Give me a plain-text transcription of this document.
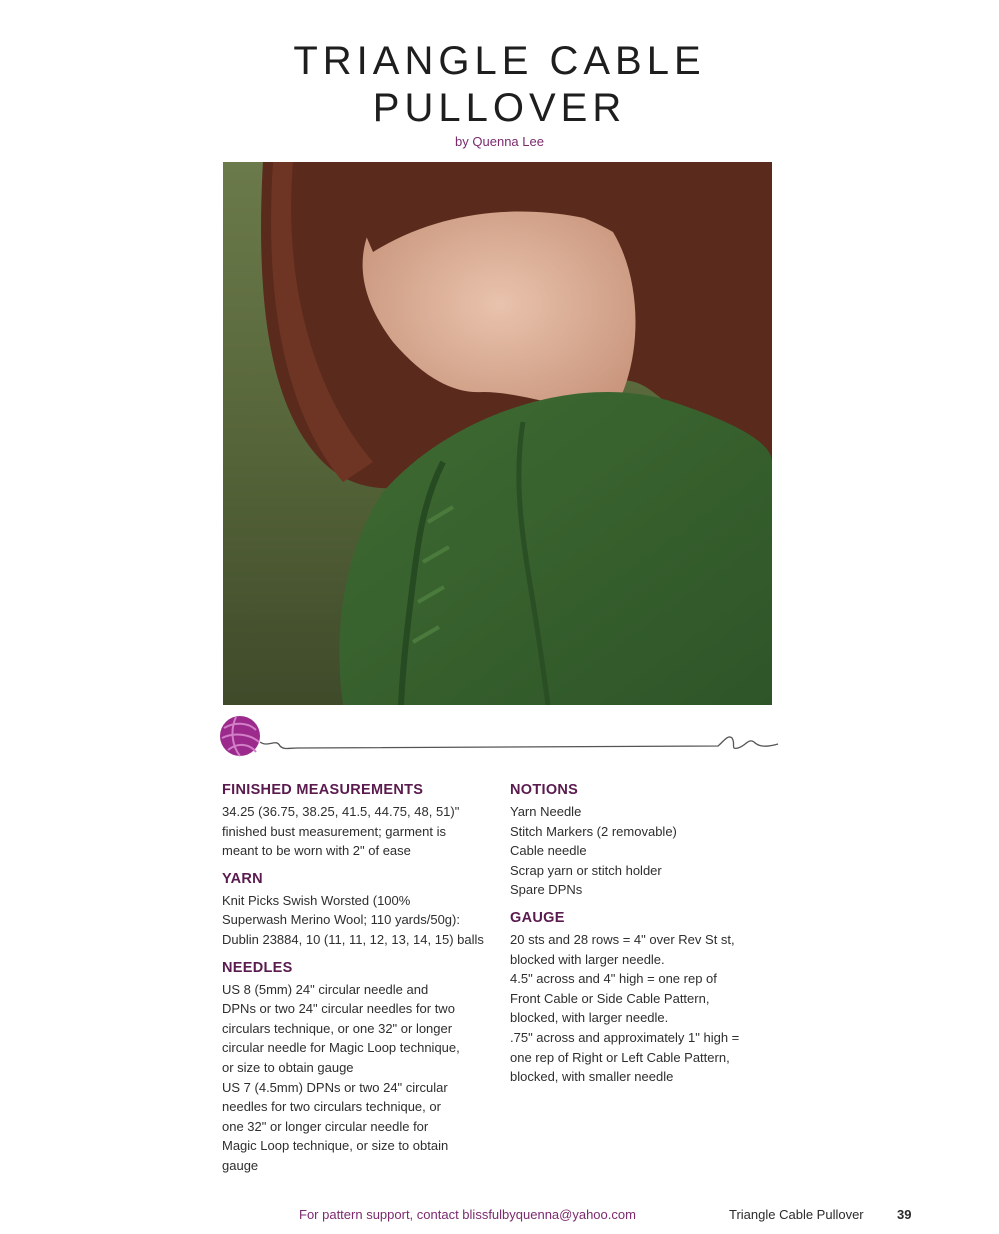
TRIANGLE CABLE
PULLOVER
by Quenna Lee
FINISHED MEASUREMENTS
34.25 (36.75, 38.25, 41.5, 44.75, 48, 51)"
finished bust measurement; garment is
meant to be worn with 2" of ease
YARN
Knit Picks Swish Worsted (100%
Superwash Merino Wool; 110 yards/50g):
Dublin 23884, 10 (11, 11, 12, 13, 14, 15) balls
NEEDLES
US 8 (5mm) 24" circular needle and
DPNs or two 24" circular needles for two
circulars technique, or one 32" or longer
circular needle for Magic Loop technique,
or size to obtain gauge
US 7 (4.5mm) DPNs or two 24" circular
needles for two circulars technique, or
one 32" or longer circular needle for
Magic Loop technique, or size to obtain
gauge
NOTIONS
Yarn Needle
Stitch Markers (2 removable)
Cable needle
Scrap yarn or stitch holder
Spare DPNs
GAUGE
20 sts and 28 rows = 4" over Rev St st,
blocked with larger needle.
4.5" across and 4" high = one rep of
Front Cable or Side Cable Pattern,
blocked, with larger needle.
.75" across and approximately 1" high =
one rep of Right or Left Cable Pattern,
blocked, with smaller needle
For pattern support, contact blissfulbyquenna@yahoo.com	Triangle Cable Pullover	39
